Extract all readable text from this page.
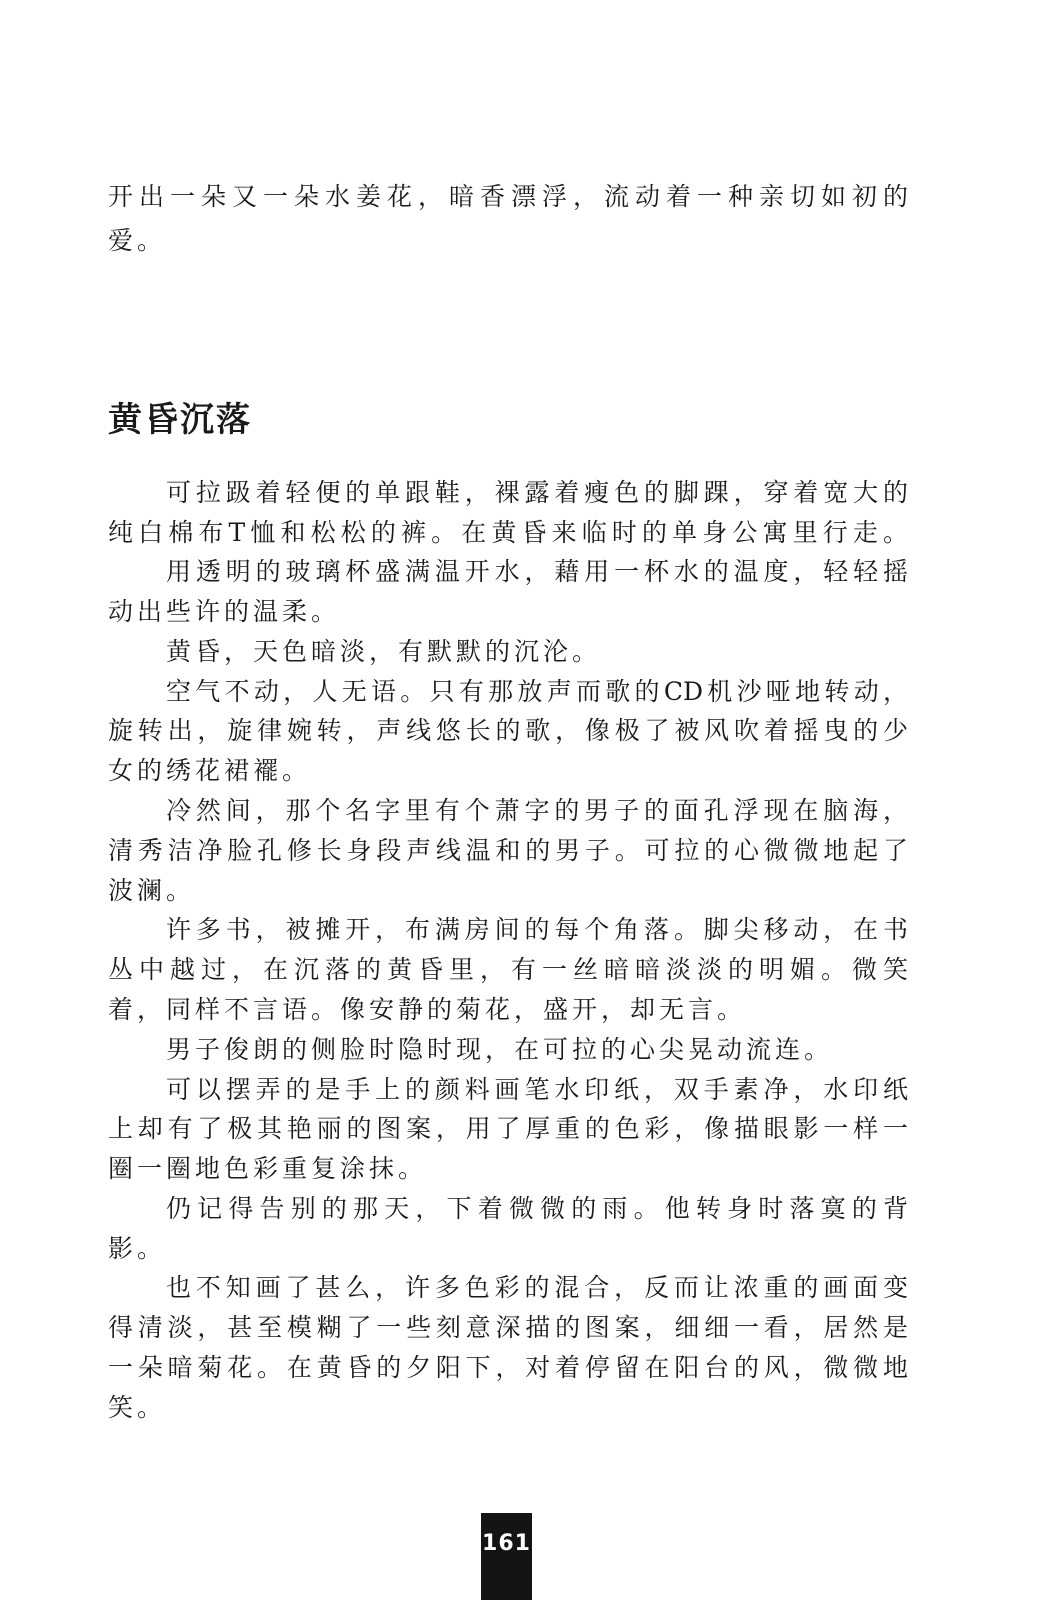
开出一朵又一朵水姜花，暗香漂浮，流动着一种亲切如初的
爱。
黄昏沉落
可拉趿着轻便的单跟鞋，裸露着瘦色的脚踝，穿着宽大的
纯白棉布T恤和松松的裤。在黄昏来临时的单身公寓里行走。
用透明的玻璃杯盛满温开水，藉用一杯水的温度，轻轻摇
动出些许的温柔。
黄昏，天色暗淡，有默默的沉沦。
空气不动，人无语。只有那放声而歌的CD机沙哑地转动，
旋转出，旋律婉转，声线悠长的歌，像极了被风吹着摇曳的少
女的绣花裙襬。
冷然间，那个名字里有个萧字的男子的面孔浮现在脑海，
清秀洁净脸孔修长身段声线温和的男子。可拉的心微微地起了
波澜。
许多书，被摊开，布满房间的每个角落。脚尖移动，在书
丛中越过，在沉落的黄昏里，有一丝暗暗淡淡的明媚。微笑
着，同样不言语。像安静的菊花，盛开，却无言。
男子俊朗的侧脸时隐时现，在可拉的心尖晃动流连。
可以摆弄的是手上的颜料画笔水印纸，双手素净，水印纸
上却有了极其艳丽的图案，用了厚重的色彩，像描眼影一样一
圈一圈地色彩重复涂抹。
仍记得告别的那天，下着微微的雨。他转身时落寞的背
影。
也不知画了甚么，许多色彩的混合，反而让浓重的画面变
得清淡，甚至模糊了一些刻意深描的图案，细细一看，居然是
一朵暗菊花。在黄昏的夕阳下，对着停留在阳台的风，微微地
笑。
161
